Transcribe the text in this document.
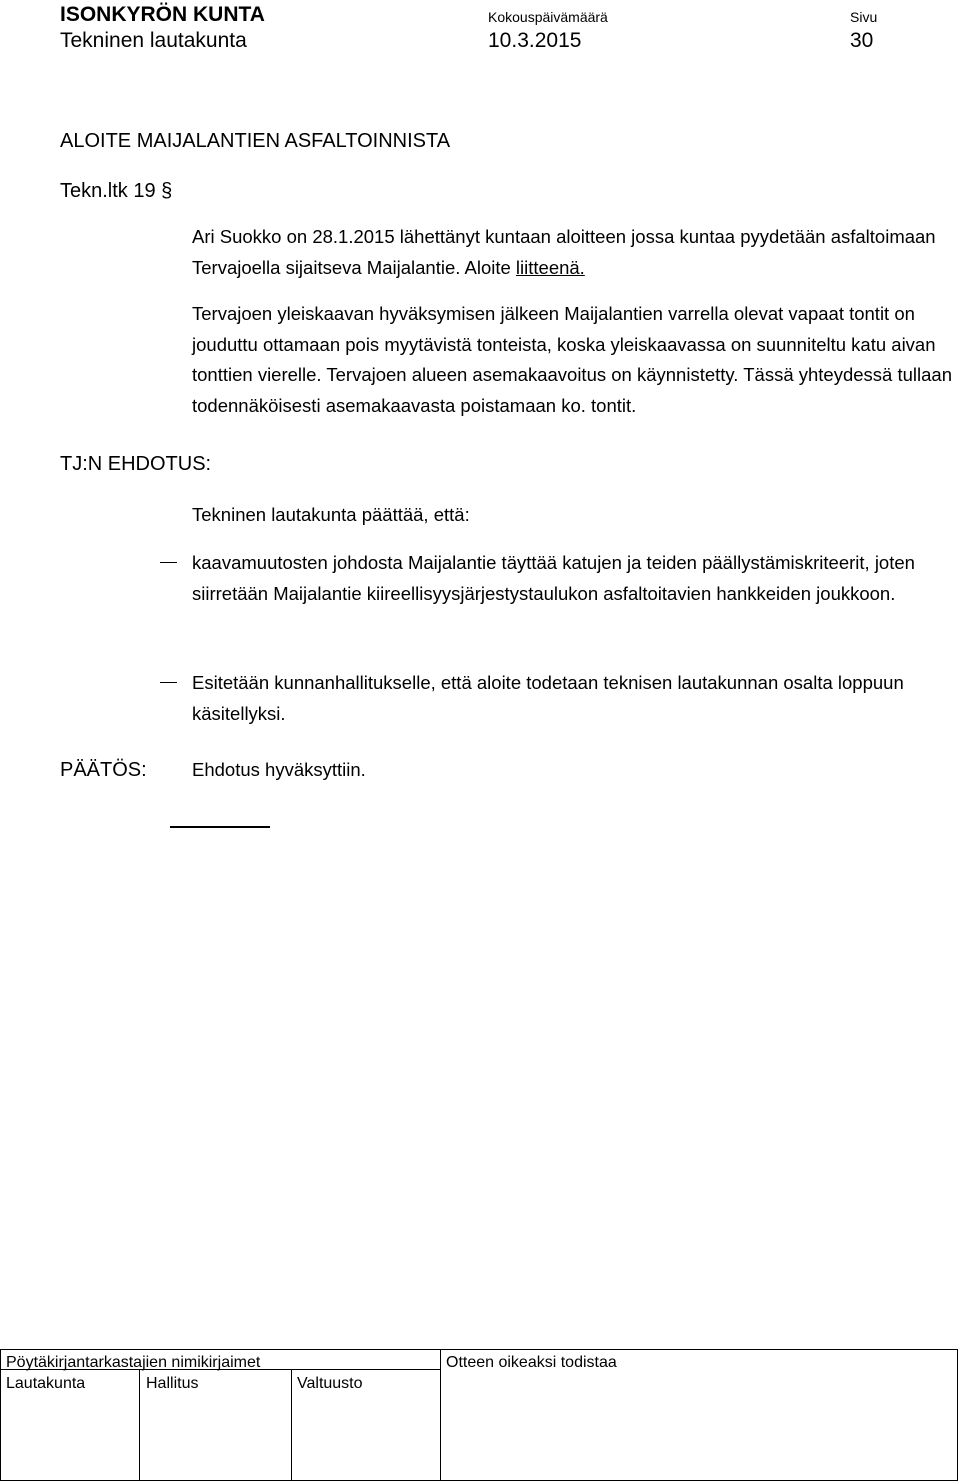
ISONKYRÖN KUNTA
Tekninen lautakunta
Kokouspäivämäärä
10.3.2015
Sivu
30
ALOITE MAIJALANTIEN ASFALTOINNISTA
Tekn.ltk 19 §
Ari Suokko on 28.1.2015 lähettänyt kuntaan aloitteen jossa kuntaa pyydetään asfaltoimaan Tervajoella sijaitseva Maijalantie. Aloite liitteenä.
Tervajoen yleiskaavan hyväksymisen jälkeen Maijalantien varrella olevat vapaat tontit on jouduttu ottamaan pois myytävistä tonteista, koska yleiskaavassa on suunniteltu katu aivan tonttien vierelle. Tervajoen alueen asemakaavoitus on käynnistetty. Tässä yhteydessä tullaan todennäköisesti asemakaavasta poistamaan ko. tontit.
TJ:N EHDOTUS:
Tekninen lautakunta päättää, että:
kaavamuutosten johdosta Maijalantie täyttää katujen ja teiden päällystämiskriteerit, joten siirretään Maijalantie kiireellisyysjärjestystaulukon asfaltoitavien hankkeiden joukkoon.
Esitetään kunnanhallitukselle, että aloite todetaan teknisen lautakunnan osalta loppuun käsitellyksi.
PÄÄTÖS: Ehdotus hyväksyttiin.
Pöytäkirjantarkastajien nimikirjaimet	Otteen oikeaksi todistaa
Lautakunta	Hallitus	Valtuusto
